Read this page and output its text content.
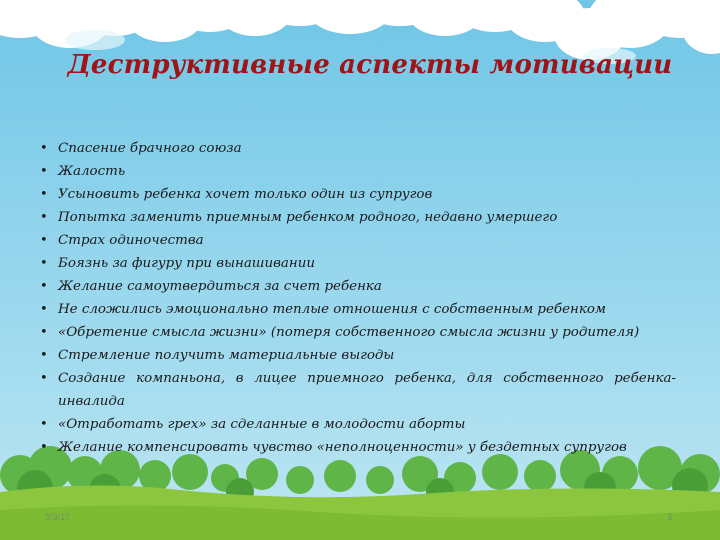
Деструктивные аспекты мотивации
• Спасение брачного союза
• Жалость
• Усыновить ребенка хочет только один из супругов
• Попытка заменить приемным ребенком родного, недавно умершего
• Страх одиночества
• Боязнь за фигуру при вынашивании
• Желание самоутвердиться за счет ребенка
• Не сложились эмоционально теплые отношения с собственным ребенком
• «Обретение смысла жизни» (потеря собственного смысла жизни у родителя)
• Стремление получить материальные выгоды
• Создание компаньона, в лицее приемного ребенка, для собственного ребенка-инвалида
• «Отработать грех» за сделанные в молодости аборты
• Желание компенсировать чувство «неполноценности» у бездетных супругов
3/3/17	3
